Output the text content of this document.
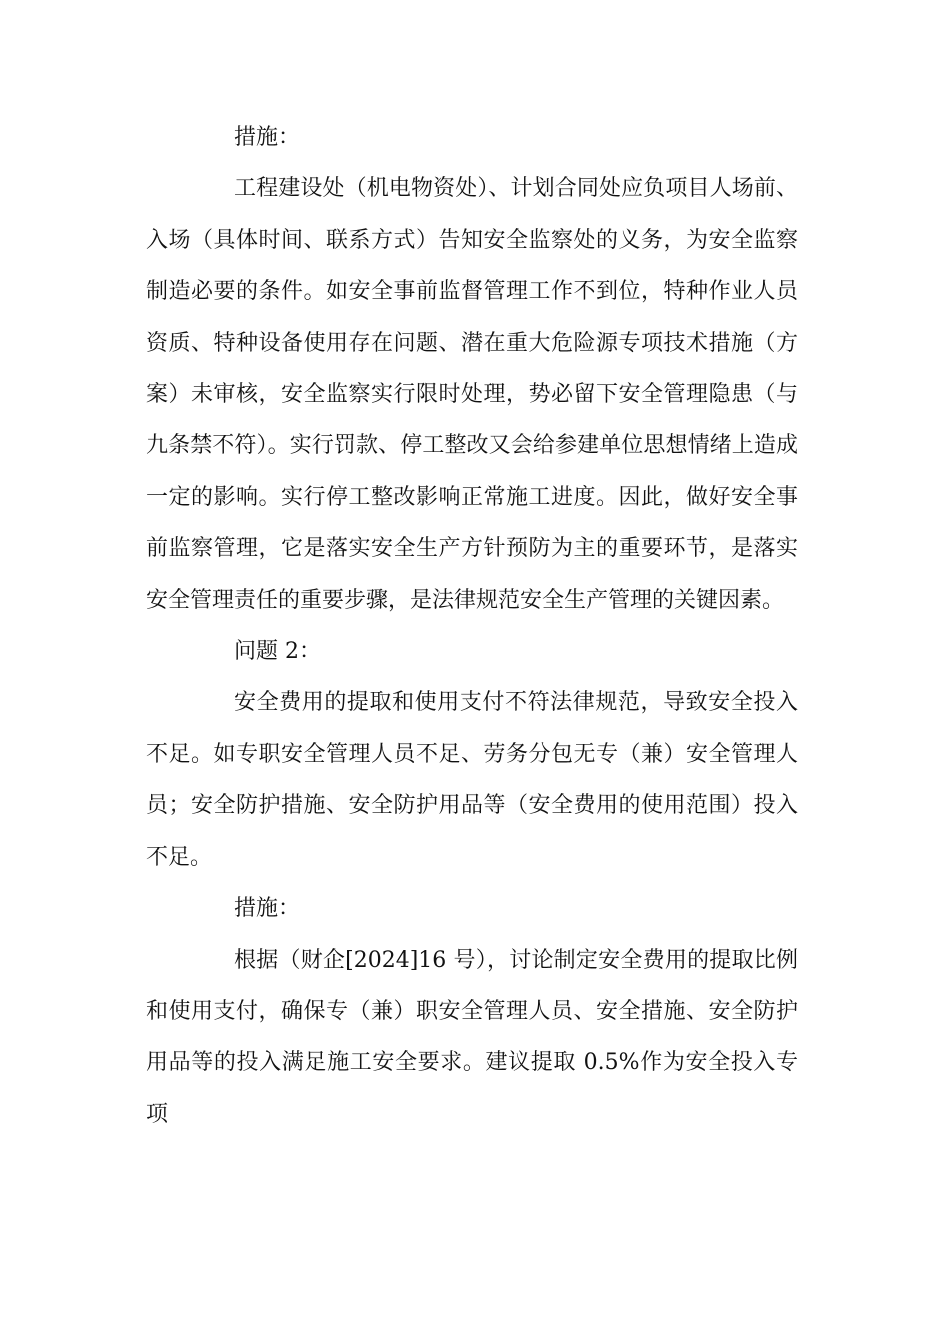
措施：

工程建设处（机电物资处）、计划合同处应负项目人场前、入场（具体时间、联系方式）告知安全监察处的义务，为安全监察制造必要的条件。如安全事前监督管理工作不到位，特种作业人员资质、特种设备使用存在问题、潜在重大危险源专项技术措施（方案）未审核，安全监察实行限时处理，势必留下安全管理隐患（与九条禁不符）。实行罚款、停工整改又会给参建单位思想情绪上造成一定的影响。实行停工整改影响正常施工进度。因此，做好安全事前监察管理，它是落实安全生产方针预防为主的重要环节，是落实安全管理责任的重要步骤，是法律规范安全生产管理的关键因素。

问题 2：

安全费用的提取和使用支付不符法律规范，导致安全投入不足。如专职安全管理人员不足、劳务分包无专（兼）安全管理人员；安全防护措施、安全防护用品等（安全费用的使用范围）投入不足。

措施：

根据（财企[2024]16 号），讨论制定安全费用的提取比例和使用支付，确保专（兼）职安全管理人员、安全措施、安全防护用品等的投入满足施工安全要求。建议提取 0.5%作为安全投入专项
